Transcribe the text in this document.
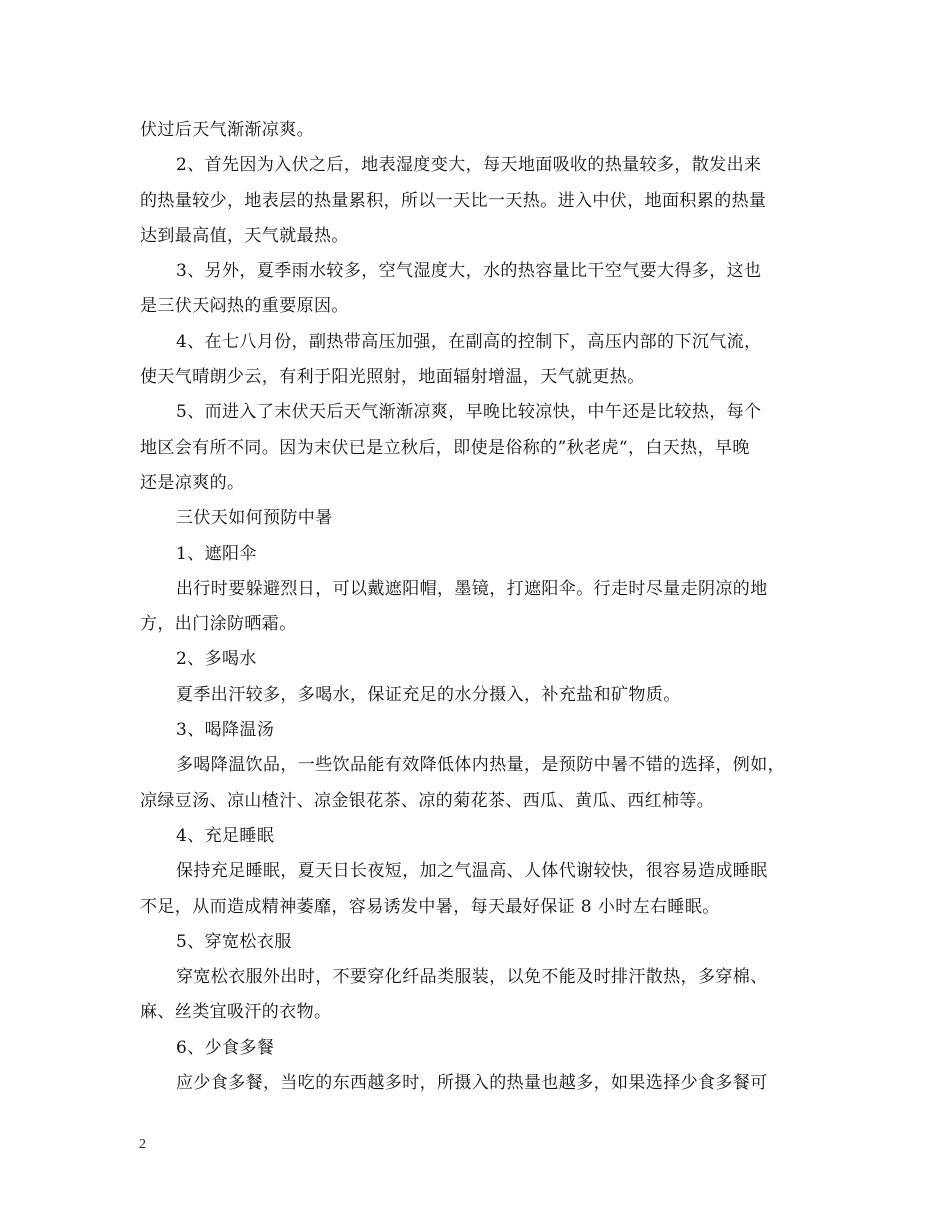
伏过后天气渐渐凉爽。
2、首先因为入伏之后，地表湿度变大，每天地面吸收的热量较多，散发出来
的热量较少，地表层的热量累积，所以一天比一天热。进入中伏，地面积累的热量
达到最高值，天气就最热。
3、另外，夏季雨水较多，空气湿度大，水的热容量比干空气要大得多，这也
是三伏天闷热的重要原因。
4、在七八月份，副热带高压加强，在副高的控制下，高压内部的下沉气流，
使天气晴朗少云，有利于阳光照射，地面辐射增温，天气就更热。
5、而进入了末伏天后天气渐渐凉爽，早晚比较凉快，中午还是比较热，每个
地区会有所不同。因为末伏已是立秋后，即使是俗称的”秋老虎“，白天热，早晚
还是凉爽的。
三伏天如何预防中暑
1、遮阳伞
出行时要躲避烈日，可以戴遮阳帽，墨镜，打遮阳伞。行走时尽量走阴凉的地
方，出门涂防晒霜。
2、多喝水
夏季出汗较多，多喝水，保证充足的水分摄入，补充盐和矿物质。
3、喝降温汤
多喝降温饮品，一些饮品能有效降低体内热量，是预防中暑不错的选择，例如，
凉绿豆汤、凉山楂汁、凉金银花茶、凉的菊花茶、西瓜、黄瓜、西红柿等。
4、充足睡眠
保持充足睡眠，夏天日长夜短，加之气温高、人体代谢较快，很容易造成睡眠
不足，从而造成精神萎靡，容易诱发中暑，每天最好保证 8 小时左右睡眠。
5、穿宽松衣服
穿宽松衣服外出时，不要穿化纤品类服装，以免不能及时排汗散热，多穿棉、
麻、丝类宜吸汗的衣物。
6、少食多餐
应少食多餐，当吃的东西越多时，所摄入的热量也越多，如果选择少食多餐可
2
